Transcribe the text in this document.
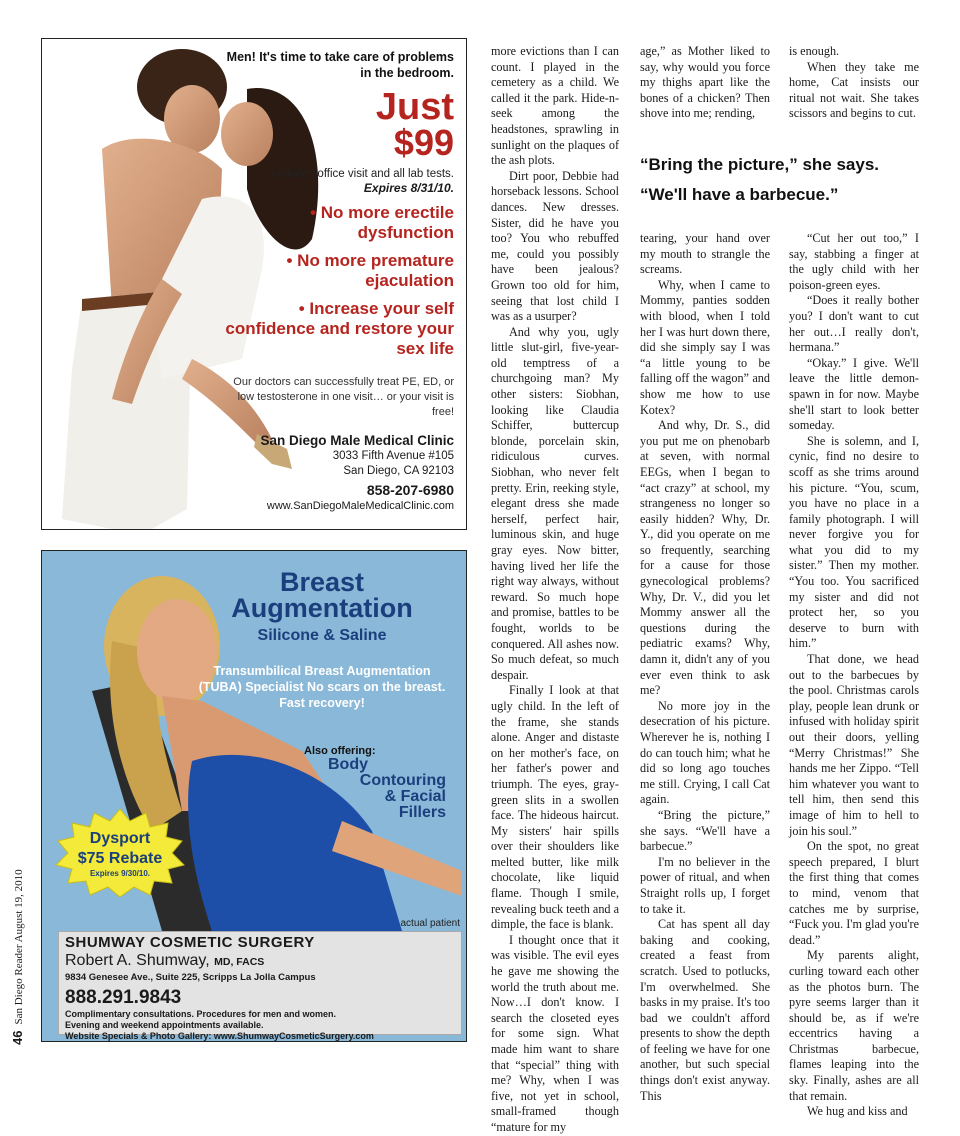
46San Diego Reader August 19, 2010
Men! It's time to take care of problems in the bedroom.
Just
$99
Includes office visit and all lab tests.
Expires 8/31/10.
• No more erectile dysfunction
• No more premature ejaculation
• Increase your self confidence and restore your sex life
Our doctors can successfully treat PE, ED, or low testosterone in one visit… or your visit is free!
San Diego Male Medical Clinic
3033 Fifth Avenue #105
San Diego, CA 92103
858-207-6980
www.SanDiegoMaleMedicalClinic.com
Breast Augmentation
Silicone & Saline
Transumbilical Breast Augmentation (TUBA) Specialist No scars on the breast. Fast recovery!
Also offering:
Body
Contouring
& Facial
Fillers
Dysport
$75 Rebate
Expires 9/30/10.
actual patient
SHUMWAY COSMETIC SURGERY
Robert A. Shumway, MD, FACS
9834 Genesee Ave., Suite 225, Scripps La Jolla Campus
888.291.9843
Complimentary consultations. Procedures for men and women.
Evening and weekend appointments available.
Website Specials & Photo Gallery: www.ShumwayCosmeticSurgery.com

more evictions than I can count. I played in the cemetery as a child. We called it the park. Hide-n-seek among the headstones, sprawling in sunlight on the plaques of the ash plots.

Dirt poor, Debbie had horseback lessons. School dances. New dresses. Sister, did he have you too? You who rebuffed me, could you possibly have been jealous? Grown too old for him, seeing that lost child I was as a usurper?

And why you, ugly little slut-girl, five-year-old temptress of a churchgoing man? My other sisters: Siobhan, looking like Claudia Schiffer, buttercup blonde, porcelain skin, ridiculous curves. Siobhan, who never felt pretty. Erin, reeking style, elegant dress she made herself, perfect hair, luminous skin, and huge gray eyes. Now bitter, having lived her life the right way always, without reward. So much hope and promise, battles to be fought, worlds to be conquered. All ashes now. So much defeat, so much despair.

Finally I look at that ugly child. In the left of the frame, she stands alone. Anger and distaste on her mother's face, on her father's power and triumph. The eyes, gray-green slits in a swollen face. The hideous haircut. My sisters' hair spills over their shoulders like melted butter, like milk chocolate, like liquid flame. Though I smile, revealing buck teeth and a dimple, the face is blank.

I thought once that it was visible. The evil eyes he gave me showing the world the truth about me. Now…I don't know. I search the closeted eyes for some sign. What made him want to share that “special” thing with me? Why, when I was five, not yet in school, small-framed though “mature for my

age,” as Mother liked to say, why would you force my thighs apart like the bones of a chicken? Then shove into me; rending,

is enough.

When they take me home, Cat insists our ritual not wait. She takes scissors and begins to cut.

“Bring the picture,” she says.
“We'll have a barbecue.”

tearing, your hand over my mouth to strangle the screams.

Why, when I came to Mommy, panties sodden with blood, when I told her I was hurt down there, did she simply say I was “a little young to be falling off the wagon” and show me how to use Kotex?

And why, Dr. S., did you put me on phenobarb at seven, with normal EEGs, when I began to “act crazy” at school, my strangeness no longer so easily hidden? Why, Dr. Y., did you operate on me so frequently, searching for a cause for those gynecological problems? Why, Dr. V., did you let Mommy answer all the questions during the pediatric exams? Why, damn it, didn't any of you ever even think to ask me?

No more joy in the desecration of his picture. Wherever he is, nothing I do can touch him; what he did so long ago touches me still. Crying, I call Cat again.

“Bring the picture,” she says. “We'll have a barbecue.”

I'm no believer in the power of ritual, and when Straight rolls up, I forget to take it.

Cat has spent all day baking and cooking, created a feast from scratch. Used to potlucks, I'm overwhelmed. She basks in my praise. It's too bad we couldn't afford presents to show the depth of feeling we have for one another, but such special things don't exist anyway. This

“Cut her out too,” I say, stabbing a finger at the ugly child with her poison-green eyes.

“Does it really bother you? I don't want to cut her out…I really don't, hermana.”

“Okay.” I give. We'll leave the little demon-spawn in for now. Maybe she'll start to look better someday.

She is solemn, and I, cynic, find no desire to scoff as she trims around his picture. “You, scum, you have no place in a family photograph. I will never forgive you for what you did to my sister.” Then my mother. “You too. You sacrificed my sister and did not protect her, so you deserve to burn with him.”

That done, we head out to the barbecues by the pool. Christmas carols play, people lean drunk or infused with holiday spirit out their doors, yelling “Merry Christmas!” She hands me her Zippo. “Tell him whatever you want to tell him, then send this image of him to hell to join his soul.”

On the spot, no great speech prepared, I blurt the first thing that comes to mind, venom that catches me by surprise, “Fuck you. I'm glad you're dead.”

My parents alight, curling toward each other as the photos burn. The pyre seems larger than it should be, as if we're eccentrics having a Christmas barbecue, flames leaping into the sky. Finally, ashes are all that remain.

We hug and kiss and
